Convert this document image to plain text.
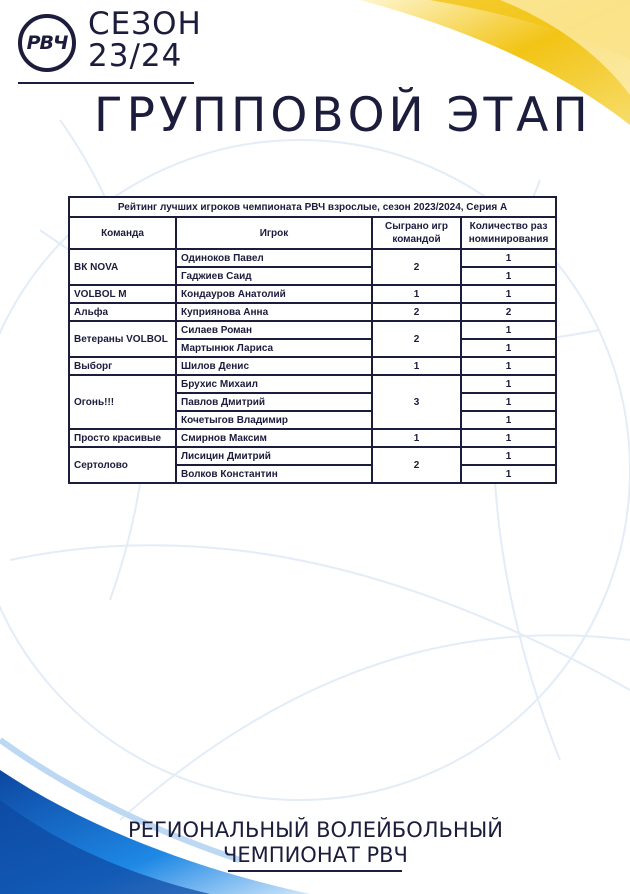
РВЧ
СЕЗОН
23/24
ГРУППОВОЙ ЭТАП
Рейтинг лучших игроков чемпионата РВЧ взрослые, сезон 2023/2024, Серия А			
Команда	Игрок	Сыграно игр командой	Количество раз номинирования
ВК NOVA	Одиноков Павел	2	1
	Гаджиев Саид		1
VOLBOL M	Кондауров Анатолий	1	1
Альфа	Куприянова Анна	2	2
Ветераны VOLBOL	Силаев Роман	2	1
	Мартынюк Лариса		1
Выборг	Шилов Денис	1	1
Огонь!!!	Брухис Михаил	3	1
	Павлов Дмитрий		1
	Кочетыгов Владимир		1
Просто красивые	Смирнов Максим	1	1
Сертолово	Лисицин Дмитрий	2	1
	Волков Константин		1
РЕГИОНАЛЬНЫЙ ВОЛЕЙБОЛЬНЫЙ
ЧЕМПИОНАТ РВЧ
